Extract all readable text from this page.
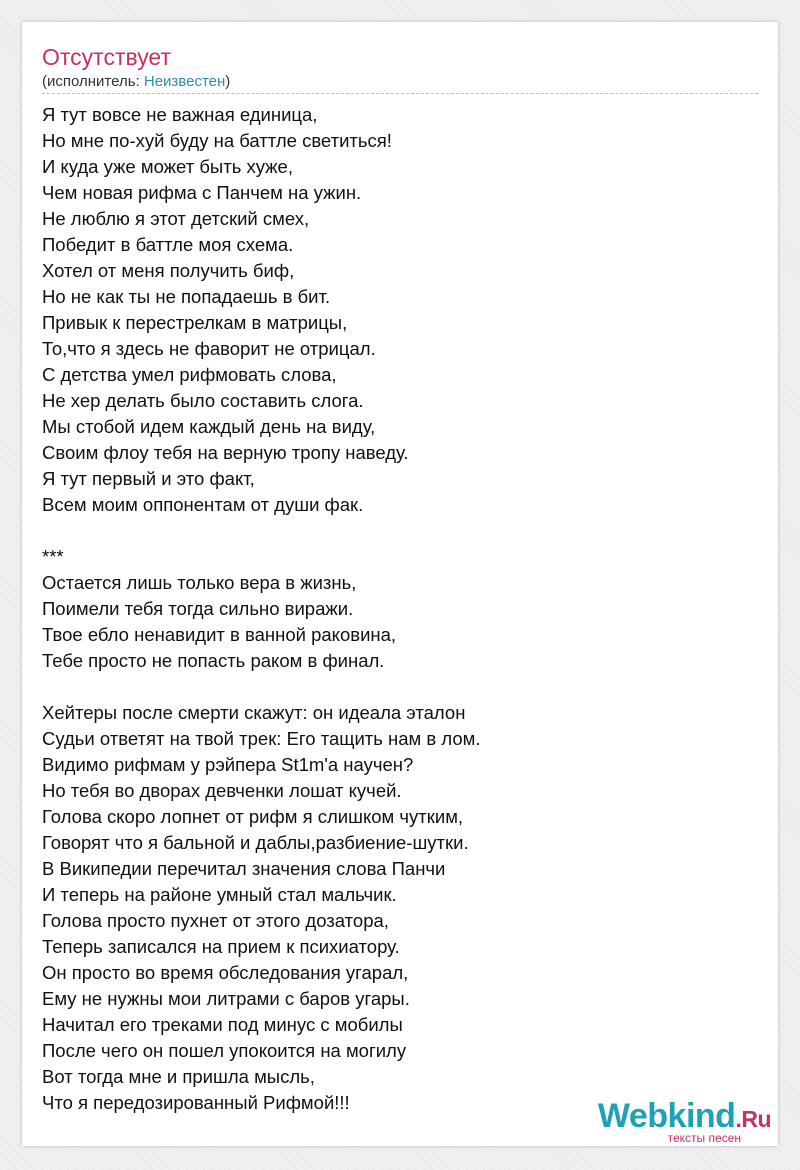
Отсутствует
(исполнитель: Неизвестен)
Я тут вовсе не важная единица,
Но мне по-хуй буду на баттле светиться!
И куда уже может быть хуже,
Чем новая рифма с Панчем на ужин.
Не люблю я этот детский смех,
Победит в баттле моя схема.
Хотел от меня получить биф,
Но не как ты не попадаешь в бит.
Привык к перестрелкам в матрицы,
То,что я здесь не фаворит не отрицал.
С детства умел рифмовать слова,
Не хер делать было составить слога.
Мы стобой идем каждый день на виду,
Своим флоу тебя на верную тропу наведу.
Я тут первый и это факт,
Всем моим оппонентам от души фак.
***
Остается лишь только вера в жизнь,
Поимели тебя тогда сильно виражи.
Твое ебло ненавидит в ванной раковина,
Тебе просто не попасть раком в финал.
Хейтеры после смерти скажут: он идеала эталон
Судьи ответят на твой трек: Его тащить нам в лом.
Видимо рифмам у рэйпера St1m'a научен?
Но тебя во дворах девченки лошат кучей.
Голова скоро лопнет от рифм я слишком чутким,
Говорят что я бальной и даблы,разбиение-шутки.
В Википедии перечитал значения слова Панчи
И теперь на районе умный стал мальчик.
Голова просто пухнет от этого дозатора,
Теперь записался на прием к психиатору.
Он просто во время обследования угарал,
Ему не нужны мои литрами с баров угары.
Начитал его треками под минус с мобилы
После чего он пошел упокоится на могилу
Вот тогда мне и пришла мысль,
Что я передозированный Рифмой!!!	Webkind.Ru
тексты песен
